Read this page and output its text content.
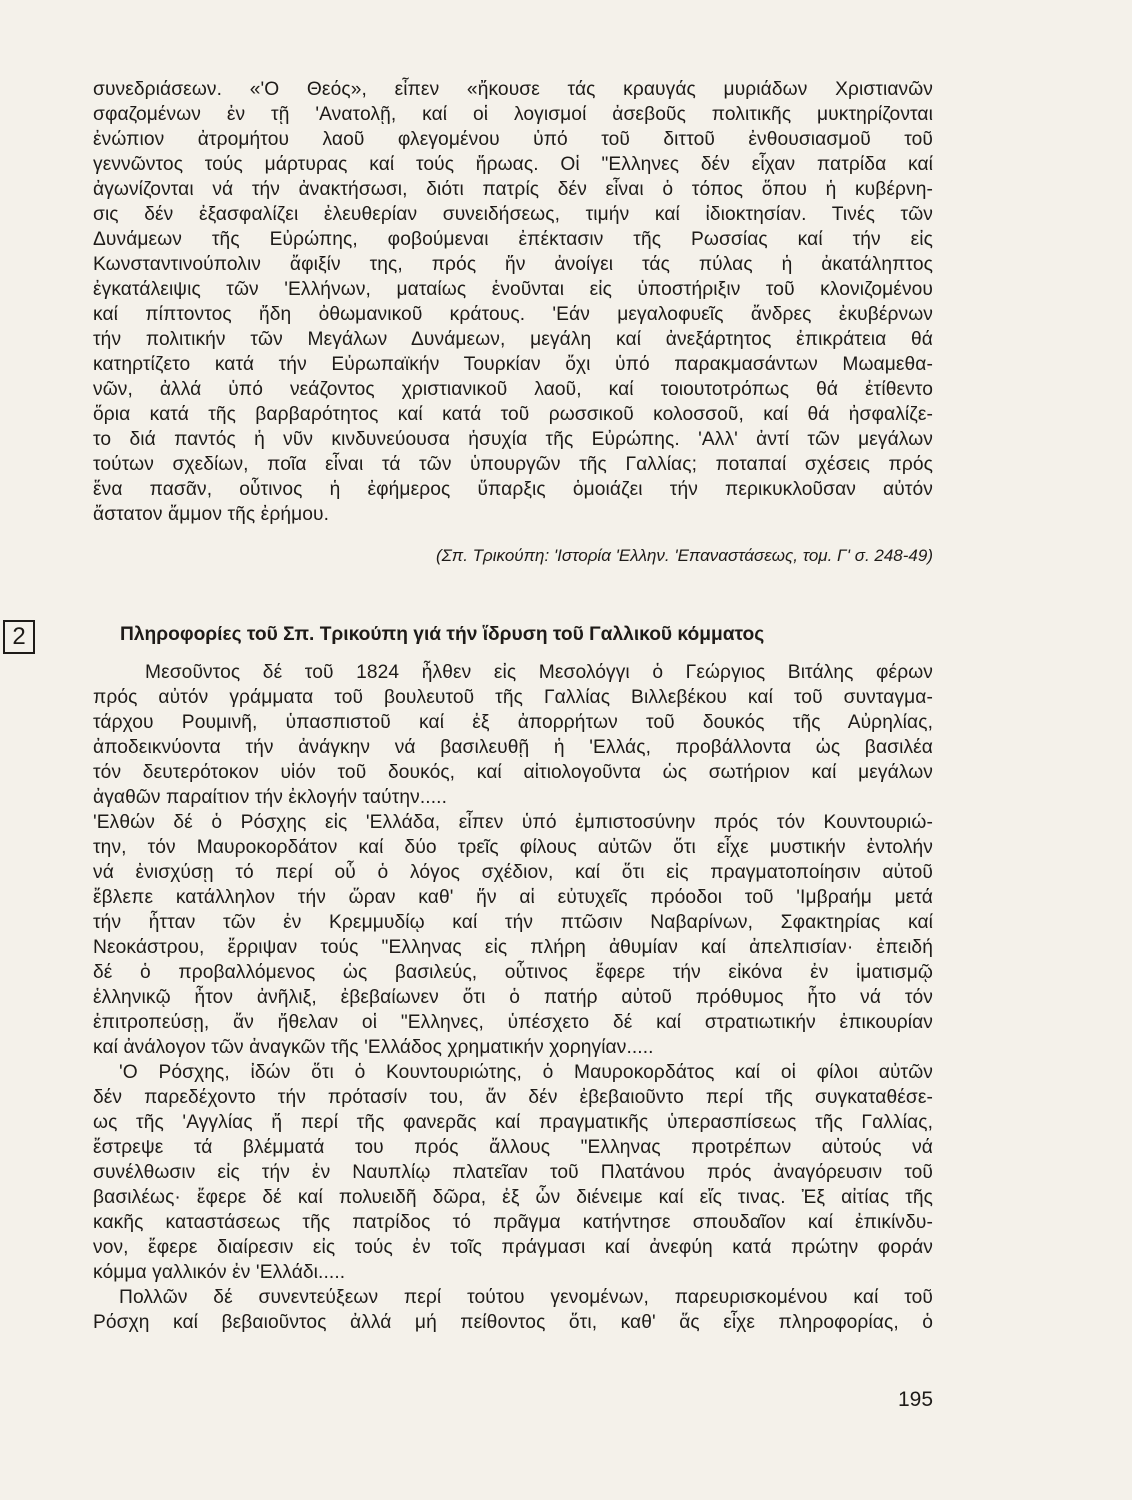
συνεδριάσεων. «'Ο Θεός», εἶπεν «ἤκουσε τάς κραυγάς μυριάδων Χριστιανῶν
σφαζομένων ἐν τῇ 'Ανατολῇ, καί οἱ λογισμοί ἀσεβοῦς πολιτικῆς μυκτηρίζονται
ἐνώπιον ἀτρομήτου λαοῦ φλεγομένου ὑπό τοῦ διττοῦ ἐνθουσιασμοῦ τοῦ
γεννῶντος τούς μάρτυρας καί τούς ἥρωας. Οἱ "Ελληνες δέν εἶχαν πατρίδα καί
ἀγωνίζονται νά τήν ἀνακτήσωσι, διότι πατρίς δέν εἶναι ὁ τόπος ὅπου ἡ κυβέρνη-
σις δέν ἐξασφαλίζει ἐλευθερίαν συνειδήσεως, τιμήν καί ἰδιοκτησίαν. Τινές τῶν
Δυνάμεων τῆς Εὐρώπης, φοβούμεναι ἐπέκτασιν τῆς Ρωσσίας καί τήν εἰς
Κωνσταντινούπολιν ἄφιξίν της, πρός ἥν ἀνοίγει τάς πύλας ἡ ἀκατάληπτος
ἐγκατάλειψις τῶν 'Ελλήνων, ματαίως ἑνοῦνται εἰς ὑποστήριξιν τοῦ κλονιζομένου
καί πίπτοντος ἤδη ὀθωμανικοῦ κράτους. 'Εάν μεγαλοφυεῖς ἄνδρες ἐκυβέρνων
τήν πολιτικήν τῶν Μεγάλων Δυνάμεων, μεγάλη καί ἀνεξάρτητος ἐπικράτεια θά
κατηρτίζετο κατά τήν Εὐρωπαϊκήν Τουρκίαν ὄχι ὑπό παρακμασάντων Μωαμεθα-
νῶν, ἀλλά ὑπό νεάζοντος χριστιανικοῦ λαοῦ, καί τοιουτοτρόπως θά ἐτίθεντο
ὅρια κατά τῆς βαρβαρότητος καί κατά τοῦ ρωσσικοῦ κολοσσοῦ, καί θά ἠσφαλίζε-
το διά παντός ἡ νῦν κινδυνεύουσα ἡσυχία τῆς Εὐρώπης. 'Αλλ' ἀντί τῶν μεγάλων
τούτων σχεδίων, ποῖα εἶναι τά τῶν ὑπουργῶν τῆς Γαλλίας; ποταπαί σχέσεις πρός
ἕνα πασᾶν, οὗτινος ἡ ἐφήμερος ὕπαρξις ὁμοιάζει τήν περικυκλοῦσαν αὐτόν
ἄστατον ἄμμον τῆς ἐρήμου.
(Σπ. Τρικούπη: 'Ιστορία 'Ελλην. 'Επαναστάσεως, τομ. Γ' σ. 248-49)
2	Πληροφορίες τοῦ Σπ. Τρικούπη γιά τήν ἵδρυση τοῦ Γαλλικοῦ κόμματος
Μεσοῦντος δέ τοῦ 1824 ἦλθεν εἰς Μεσολόγγι ὁ Γεώργιος Βιτάλης φέρων
πρός αὐτόν γράμματα τοῦ βουλευτοῦ τῆς Γαλλίας Βιλλεβέκου καί τοῦ συνταγμα-
τάρχου Ρουμινῆ, ὑπασπιστοῦ καί ἐξ ἀπορρήτων τοῦ δουκός τῆς Αὐρηλίας,
ἀποδεικνύοντα τήν ἀνάγκην νά βασιλευθῇ ἡ 'Ελλάς, προβάλλοντα ὡς βασιλέα
τόν δευτερότοκον υἱόν τοῦ δουκός, καί αἰτιολογοῦντα ὡς σωτήριον καί μεγάλων
ἀγαθῶν παραίτιον τήν ἐκλογήν ταύτην.....
'Ελθών δέ ὁ Ρόσχης εἰς 'Ελλάδα, εἶπεν ὑπό ἐμπιστοσύνην πρός τόν Κουντουριώ-
την, τόν Μαυροκορδάτον καί δύο τρεῖς φίλους αὐτῶν ὅτι εἶχε μυστικήν ἐντολήν
νά ἐνισχύσῃ τό περί οὗ ὁ λόγος σχέδιον, καί ὅτι εἰς πραγματοποίησιν αὐτοῦ
ἔβλεπε κατάλληλον τήν ὥραν καθ' ἥν αἱ εὐτυχεῖς πρόοδοι τοῦ 'Ιμβραήμ μετά
τήν ἧτταν τῶν ἐν Κρεμμυδίῳ καί τήν πτῶσιν Ναβαρίνων, Σφακτηρίας καί
Νεοκάστρου, ἔρριψαν τούς "Ελληνας εἰς πλήρη ἀθυμίαν καί ἀπελπισίαν· ἐπειδή
δέ ὁ προβαλλόμενος ὡς βασιλεύς, οὗτινος ἔφερε τήν εἰκόνα ἐν ἱματισμῷ
ἑλληνικῷ ἦτον ἀνῆλιξ, ἐβεβαίωνεν ὅτι ὁ πατήρ αὐτοῦ πρόθυμος ἦτο νά τόν
ἐπιτροπεύσῃ, ἄν ἤθελαν οἱ "Ελληνες, ὑπέσχετο δέ καί στρατιωτικήν ἐπικουρίαν
καί ἀνάλογον τῶν ἀναγκῶν τῆς 'Ελλάδος χρηματικήν χορηγίαν.....
'Ο Ρόσχης, ἰδών ὅτι ὁ Κουντουριώτης, ὁ Μαυροκορδάτος καί οἱ φίλοι αὐτῶν
δέν παρεδέχοντο τήν πρότασίν του, ἄν δέν ἐβεβαιοῦντο περί τῆς συγκαταθέσε-
ως τῆς 'Αγγλίας ἤ περί τῆς φανερᾶς καί πραγματικῆς ὑπερασπίσεως τῆς Γαλλίας,
ἔστρεψε τά βλέμματά του πρός ἄλλους "Ελληνας προτρέπων αὐτούς νά
συνέλθωσιν εἰς τήν ἐν Ναυπλίῳ πλατεῖαν τοῦ Πλατάνου πρός ἀναγόρευσιν τοῦ
βασιλέως· ἔφερε δέ καί πολυειδῆ δῶρα, ἐξ ὧν διένειμε καί εἴς τινας. Ἐξ αἰτίας τῆς
κακῆς καταστάσεως τῆς πατρίδος τό πρᾶγμα κατήντησε σπουδαῖον καί ἐπικίνδυ-
νον, ἔφερε διαίρεσιν εἰς τούς ἐν τοῖς πράγμασι καί ἀνεφύη κατά πρώτην φοράν
κόμμα γαλλικόν ἐν 'Ελλάδι.....
Πολλῶν δέ συνεντεύξεων περί τούτου γενομένων, παρευρισκομένου καί τοῦ
Ρόσχη καί βεβαιοῦντος ἀλλά μή πείθοντος ὅτι, καθ' ἅς εἶχε πληροφορίας, ὁ
195
